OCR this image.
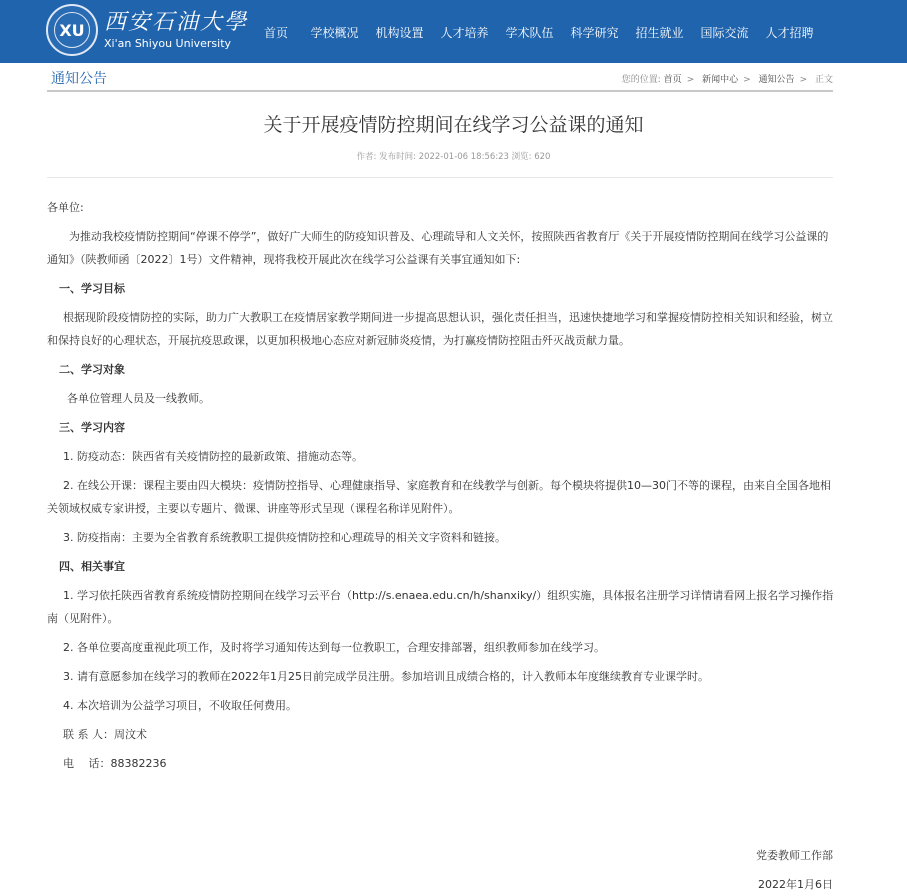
XU 西安石油大學
Xi'an Shiyou University
首页	学校概况	机构设置	人才培养	学术队伍	科学研究	招生就业	国际交流	人才招聘
通知公告	您的位置: 首页 > 新闻中心 > 通知公告 > 正文
关于开展疫情防控期间在线学习公益课的通知
作者: 发布时间: 2022-01-06 18:56:23 浏览: 620

各单位:

为推动我校疫情防控期间“停课不停学”，做好广大师生的防疫知识普及、心理疏导和人文关怀，按照陕西省教育厅《关于开展疫情防控期间在线学习公益课的通知》（陕教师函〔2022〕1号）文件精神，现将我校开展此次在线学习公益课有关事宜通知如下:

一、学习目标

根据现阶段疫情防控的实际，助力广大教职工在疫情居家教学期间进一步提高思想认识，强化责任担当，迅速快捷地学习和掌握疫情防控相关知识和经验，树立和保持良好的心理状态，开展抗疫思政课，以更加积极地心态应对新冠肺炎疫情，为打赢疫情防控阻击歼灭战贡献力量。

二、学习对象

各单位管理人员及一线教师。

三、学习内容

1. 防疫动态：陕西省有关疫情防控的最新政策、措施动态等。

2. 在线公开课：课程主要由四大模块：疫情防控指导、心理健康指导、家庭教育和在线教学与创新。每个模块将提供10—30门不等的课程，由来自全国各地相关领域权威专家讲授，主要以专题片、微课、讲座等形式呈现（课程名称详见附件）。

3. 防疫指南：主要为全省教育系统教职工提供疫情防控和心理疏导的相关文字资料和链接。

四、相关事宜

1. 学习依托陕西省教育系统疫情防控期间在线学习云平台（http://s.enaea.edu.cn/h/shanxiky/）组织实施，具体报名注册学习详情请看网上报名学习操作指南（见附件）。

2. 各单位要高度重视此项工作，及时将学习通知传达到每一位教职工，合理安排部署，组织教师参加在线学习。

3. 请有意愿参加在线学习的教师在2022年1月25日前完成学员注册。参加培训且成绩合格的，计入教师本年度继续教育专业课学时。

4. 本次培训为公益学习项目，不收取任何费用。

联 系 人：周汶术

电　 话：88382236

党委教师工作部
2022年1月6日
